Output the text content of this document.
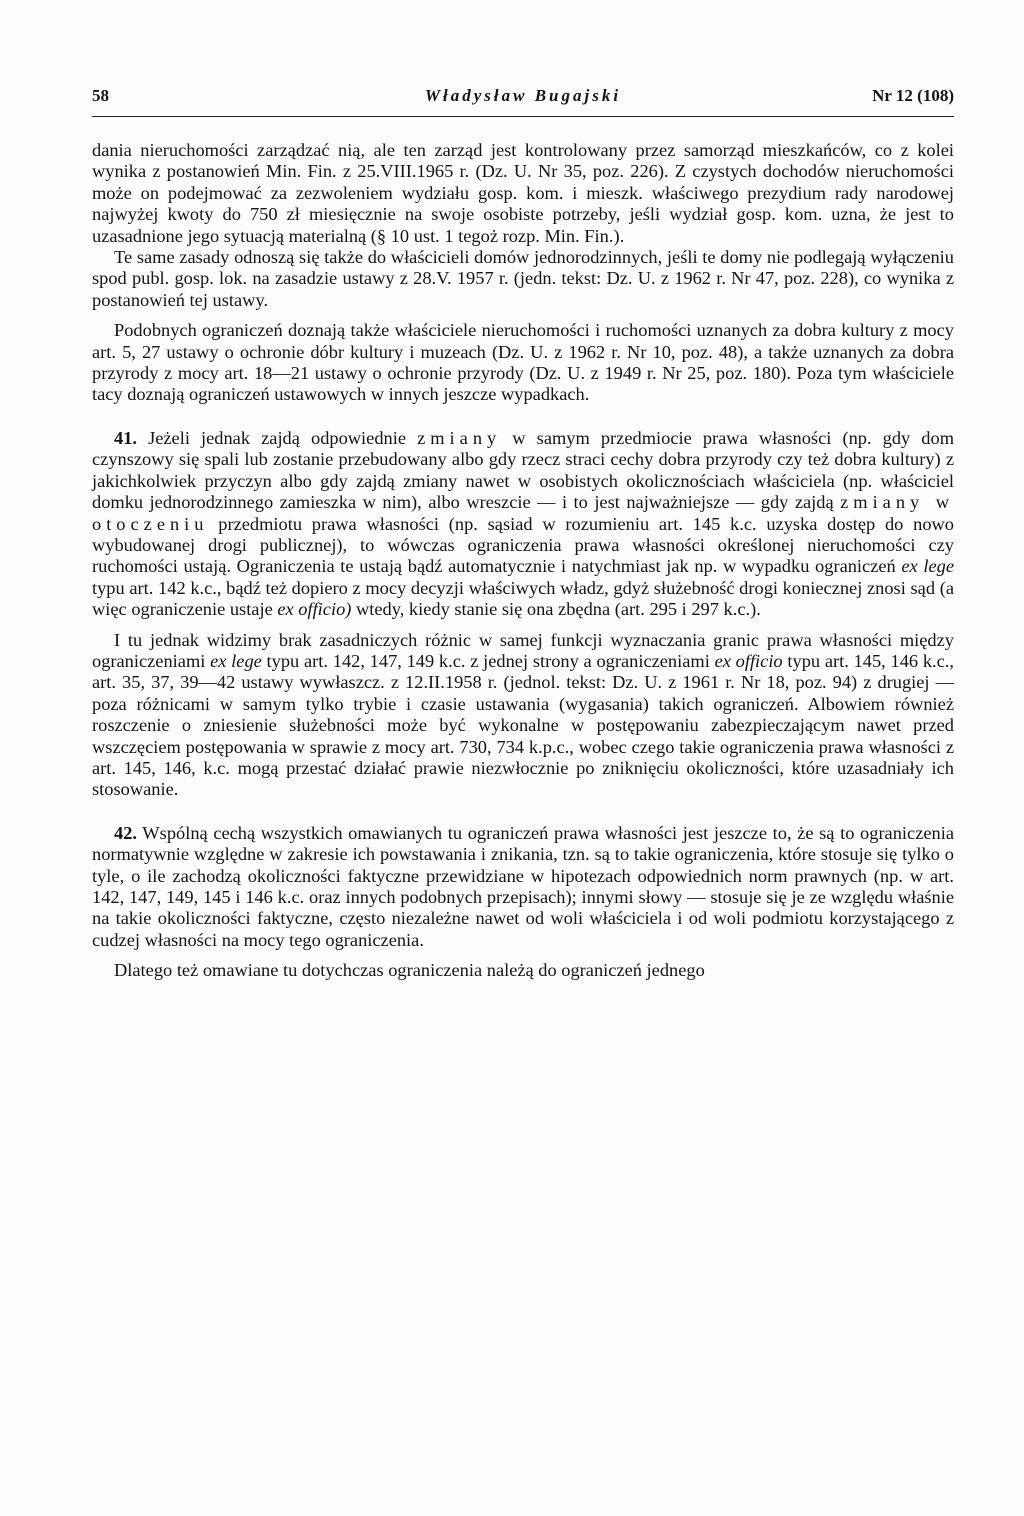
58	Władysław Bugajski	Nr 12 (108)

dania nieruchomości zarządzać nią, ale ten zarząd jest kontrolowany przez samorząd mieszkańców, co z kolei wynika z postanowień Min. Fin. z 25.VIII.1965 r. (Dz. U. Nr 35, poz. 226). Z czystych dochodów nieruchomości może on podejmować za zezwoleniem wydziału gosp. kom. i mieszk. właściwego prezydium rady narodowej najwyżej kwoty do 750 zł miesięcznie na swoje osobiste potrzeby, jeśli wydział gosp. kom. uzna, że jest to uzasadnione jego sytuacją materialną (§ 10 ust. 1 tegoż rozp. Min. Fin.).

Te same zasady odnoszą się także do właścicieli domów jednorodzinnych, jeśli te domy nie podlegają wyłączeniu spod publ. gosp. lok. na zasadzie ustawy z 28.V. 1957 r. (jedn. tekst: Dz. U. z 1962 r. Nr 47, poz. 228), co wynika z postanowień tej ustawy.

Podobnych ograniczeń doznają także właściciele nieruchomości i ruchomości uznanych za dobra kultury z mocy art. 5, 27 ustawy o ochronie dóbr kultury i muzeach (Dz. U. z 1962 r. Nr 10, poz. 48), a także uznanych za dobra przyrody z mocy art. 18—21 ustawy o ochronie przyrody (Dz. U. z 1949 r. Nr 25, poz. 180). Poza tym właściciele tacy doznają ograniczeń ustawowych w innych jeszcze wypadkach.

41. Jeżeli jednak zajdą odpowiednie zmiany w samym przedmiocie prawa własności (np. gdy dom czynszowy się spali lub zostanie przebudowany albo gdy rzecz straci cechy dobra przyrody czy też dobra kultury) z jakichkolwiek przyczyn albo gdy zajdą zmiany nawet w osobistych okolicznościach właściciela (np. właściciel domku jednorodzinnego zamieszka w nim), albo wreszcie — i to jest najważniejsze — gdy zajdą zmiany w otoczeniu przedmiotu prawa własności (np. sąsiad w rozumieniu art. 145 k.c. uzyska dostęp do nowo wybudowanej drogi publicznej), to wówczas ograniczenia prawa własności określonej nieruchomości czy ruchomości ustają. Ograniczenia te ustają bądź automatycznie i natychmiast jak np. w wypadku ograniczeń ex lege typu art. 142 k.c., bądź też dopiero z mocy decyzji właściwych władz, gdyż służebność drogi koniecznej znosi sąd (a więc ograniczenie ustaje ex officio) wtedy, kiedy stanie się ona zbędna (art. 295 i 297 k.c.).

I tu jednak widzimy brak zasadniczych różnic w samej funkcji wyznaczania granic prawa własności między ograniczeniami ex lege typu art. 142, 147, 149 k.c. z jednej strony a ograniczeniami ex officio typu art. 145, 146 k.c., art. 35, 37, 39—42 ustawy wywłaszcz. z 12.II.1958 r. (jednol. tekst: Dz. U. z 1961 r. Nr 18, poz. 94) z drugiej — poza różnicami w samym tylko trybie i czasie ustawania (wygasania) takich ograniczeń. Albowiem również roszczenie o zniesienie służebności może być wykonalne w postępowaniu zabezpieczającym nawet przed wszczęciem postępowania w sprawie z mocy art. 730, 734 k.p.c., wobec czego takie ograniczenia prawa własności z art. 145, 146, k.c. mogą przestać działać prawie niezwłocznie po zniknięciu okoliczności, które uzasadniały ich stosowanie.

42. Wspólną cechą wszystkich omawianych tu ograniczeń prawa własności jest jeszcze to, że są to ograniczenia normatywnie względne w zakresie ich powstawania i znikania, tzn. są to takie ograniczenia, które stosuje się tylko o tyle, o ile zachodzą okoliczności faktyczne przewidziane w hipotezach odpowiednich norm prawnych (np. w art. 142, 147, 149, 145 i 146 k.c. oraz innych podobnych przepisach); innymi słowy — stosuje się je ze względu właśnie na takie okoliczności faktyczne, często niezależne nawet od woli właściciela i od woli podmiotu korzystającego z cudzej własności na mocy tego ograniczenia.

Dlatego też omawiane tu dotychczas ograniczenia należą do ograniczeń jednego
